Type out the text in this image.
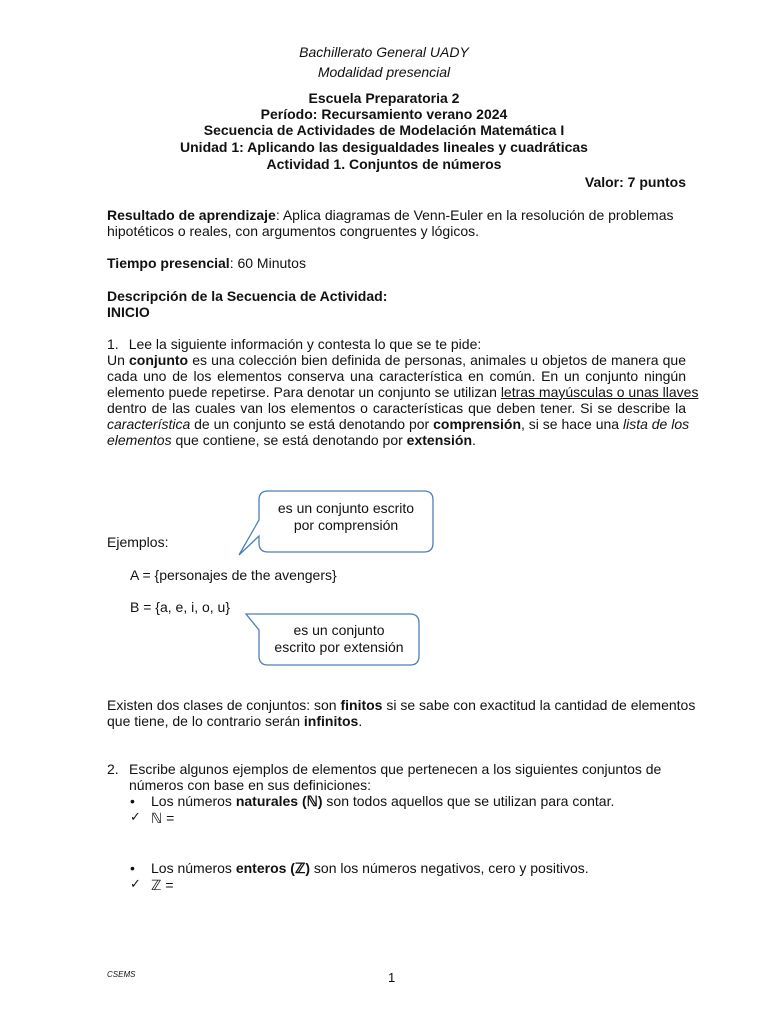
Bachillerato General UADY
Modalidad presencial
Escuela Preparatoria 2
Período: Recursamiento verano 2024
Secuencia de Actividades de Modelación Matemática I
Unidad 1: Aplicando las desigualdades lineales y cuadráticas
Actividad 1. Conjuntos de números
Valor: 7 puntos
Resultado de aprendizaje: Aplica diagramas de Venn-Euler en la resolución de problemas
hipotéticos o reales, con argumentos congruentes y lógicos.
Tiempo presencial: 60 Minutos
Descripción de la Secuencia de Actividad:
INICIO
1. Lee la siguiente información y contesta lo que se te pide:
Un conjunto es una colección bien definida de personas, animales u objetos de manera que
cada uno de los elementos conserva una característica en común. En un conjunto ningún
elemento puede repetirse. Para denotar un conjunto se utilizan letras mayúsculas o unas llaves
dentro de las cuales van los elementos o características que deben tener. Si se describe la
característica de un conjunto se está denotando por comprensión, si se hace una lista de los
elementos que contiene, se está denotando por extensión.
es un conjunto escrito
por comprensión
es un conjunto
escrito por extensión
Ejemplos:
A = {personajes de the avengers}
B = {a, e, i, o, u}
Existen dos clases de conjuntos: son finitos si se sabe con exactitud la cantidad de elementos
que tiene, de lo contrario serán infinitos.
2. Escribe algunos ejemplos de elementos que pertenecen a los siguientes conjuntos de
números con base en sus definiciones:
• Los números naturales (ℕ) son todos aquellos que se utilizan para contar.
✓ ℕ =
• Los números enteros (ℤ) son los números negativos, cero y positivos.
✓ ℤ =
CSEMS	1
